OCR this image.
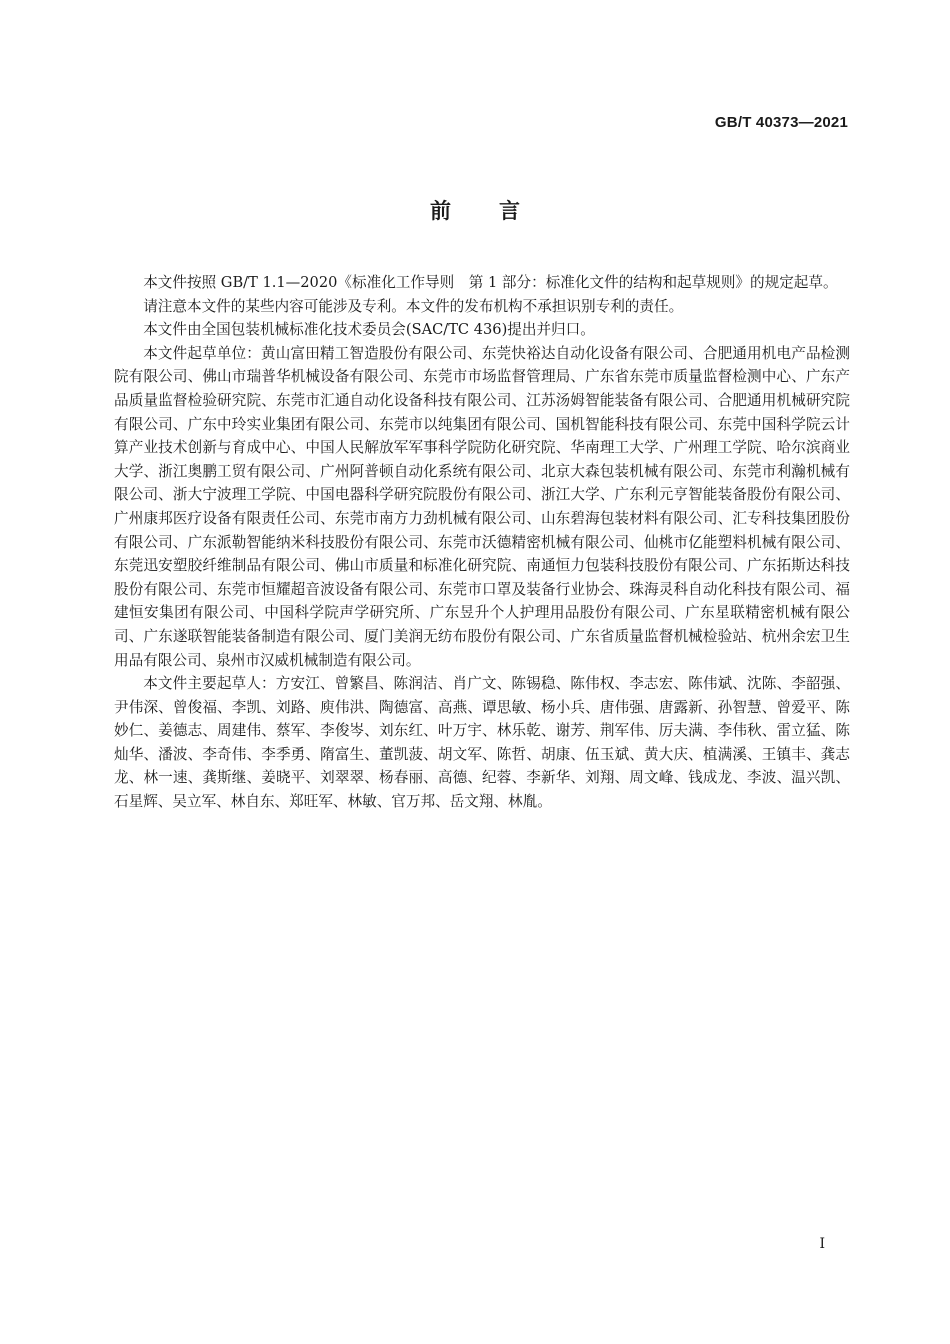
GB/T 40373—2021
前言

本文件按照 GB/T 1.1—2020《标准化工作导则　第 1 部分：标准化文件的结构和起草规则》的规定起草。

请注意本文件的某些内容可能涉及专利。本文件的发布机构不承担识别专利的责任。

本文件由全国包装机械标准化技术委员会(SAC/TC 436)提出并归口。

本文件起草单位：黄山富田精工智造股份有限公司、东莞快裕达自动化设备有限公司、合肥通用机电产品检测院有限公司、佛山市瑞普华机械设备有限公司、东莞市市场监督管理局、广东省东莞市质量监督检测中心、广东产品质量监督检验研究院、东莞市汇通自动化设备科技有限公司、江苏汤姆智能装备有限公司、合肥通用机械研究院有限公司、广东中玲实业集团有限公司、东莞市以纯集团有限公司、国机智能科技有限公司、东莞中国科学院云计算产业技术创新与育成中心、中国人民解放军军事科学院防化研究院、华南理工大学、广州理工学院、哈尔滨商业大学、浙江奥鹏工贸有限公司、广州阿普顿自动化系统有限公司、北京大森包装机械有限公司、东莞市利瀚机械有限公司、浙大宁波理工学院、中国电器科学研究院股份有限公司、浙江大学、广东利元亨智能装备股份有限公司、广州康邦医疗设备有限责任公司、东莞市南方力劲机械有限公司、山东碧海包装材料有限公司、汇专科技集团股份有限公司、广东派勒智能纳米科技股份有限公司、东莞市沃德精密机械有限公司、仙桃市亿能塑料机械有限公司、东莞迅安塑胶纤维制品有限公司、佛山市质量和标准化研究院、南通恒力包装科技股份有限公司、广东拓斯达科技股份有限公司、东莞市恒耀超音波设备有限公司、东莞市口罩及装备行业协会、珠海灵科自动化科技有限公司、福建恒安集团有限公司、中国科学院声学研究所、广东昱升个人护理用品股份有限公司、广东星联精密机械有限公司、广东遂联智能装备制造有限公司、厦门美润无纺布股份有限公司、广东省质量监督机械检验站、杭州余宏卫生用品有限公司、泉州市汉威机械制造有限公司。

本文件主要起草人：方安江、曾繁昌、陈润洁、肖广文、陈锡稳、陈伟权、李志宏、陈伟斌、沈陈、李韶强、尹伟深、曾俊福、李凯、刘路、庾伟洪、陶德富、高燕、谭思敏、杨小兵、唐伟强、唐露新、孙智慧、曾爱平、陈妙仁、姜德志、周建伟、蔡军、李俊岑、刘东红、叶万宇、林乐乾、谢芳、荆军伟、厉夫满、李伟秋、雷立猛、陈灿华、潘波、李奇伟、李季勇、隋富生、董凯菠、胡文军、陈哲、胡康、伍玉斌、黄大庆、植满溪、王镇丰、龚志龙、林一速、龚斯继、姜晓平、刘翠翠、杨春丽、高德、纪蓉、李新华、刘翔、周文峰、钱成龙、李波、温兴凯、石星辉、吴立军、林自东、郑旺军、林敏、官万邦、岳文翔、林胤。

I
